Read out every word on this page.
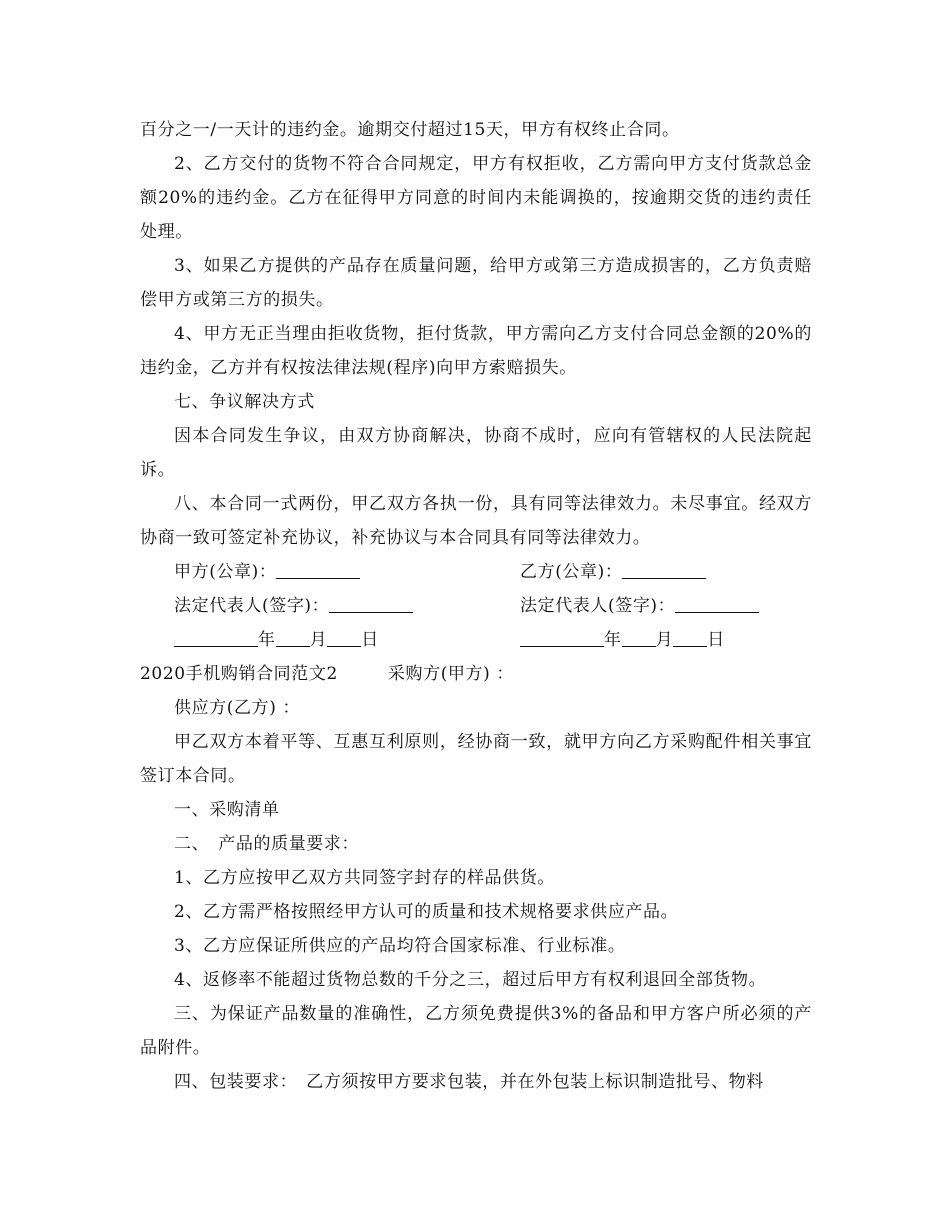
百分之一/一天计的违约金。逾期交付超过15天，甲方有权终止合同。

2、乙方交付的货物不符合合同规定，甲方有权拒收，乙方需向甲方支付货款总金额20%的违约金。乙方在征得甲方同意的时间内未能调换的，按逾期交货的违约责任处理。

3、如果乙方提供的产品存在质量问题，给甲方或第三方造成损害的，乙方负责赔偿甲方或第三方的损失。

4、甲方无正当理由拒收货物，拒付货款，甲方需向乙方支付合同总金额的20%的违约金，乙方并有权按法律法规(程序)向甲方索赔损失。

七、争议解决方式

因本合同发生争议，由双方协商解决，协商不成时，应向有管辖权的人民法院起诉。

八、本合同一式两份，甲乙双方各执一份，具有同等法律效力。未尽事宜。经双方协商一致可签定补充协议，补充协议与本合同具有同等法律效力。

甲方(公章)：	乙方(公章)：
法定代表人(签字)：	法定代表人(签字)：
年 月 日	年 月 日

2020手机购销合同范文2	采购方(甲方) ：

供应方(乙方) ：

甲乙双方本着平等、互惠互利原则，经协商一致，就甲方向乙方采购配件相关事宜签订本合同。

一、采购清单

二、　产品的质量要求：

1、乙方应按甲乙双方共同签字封存的样品供货。

2、乙方需严格按照经甲方认可的质量和技术规格要求供应产品。

3、乙方应保证所供应的产品均符合国家标准、行业标准。

4、返修率不能超过货物总数的千分之三，超过后甲方有权利退回全部货物。

三、为保证产品数量的准确性，乙方须免费提供3%的备品和甲方客户所必须的产品附件。

四、包装要求：　乙方须按甲方要求包装，并在外包装上标识制造批号、物料
